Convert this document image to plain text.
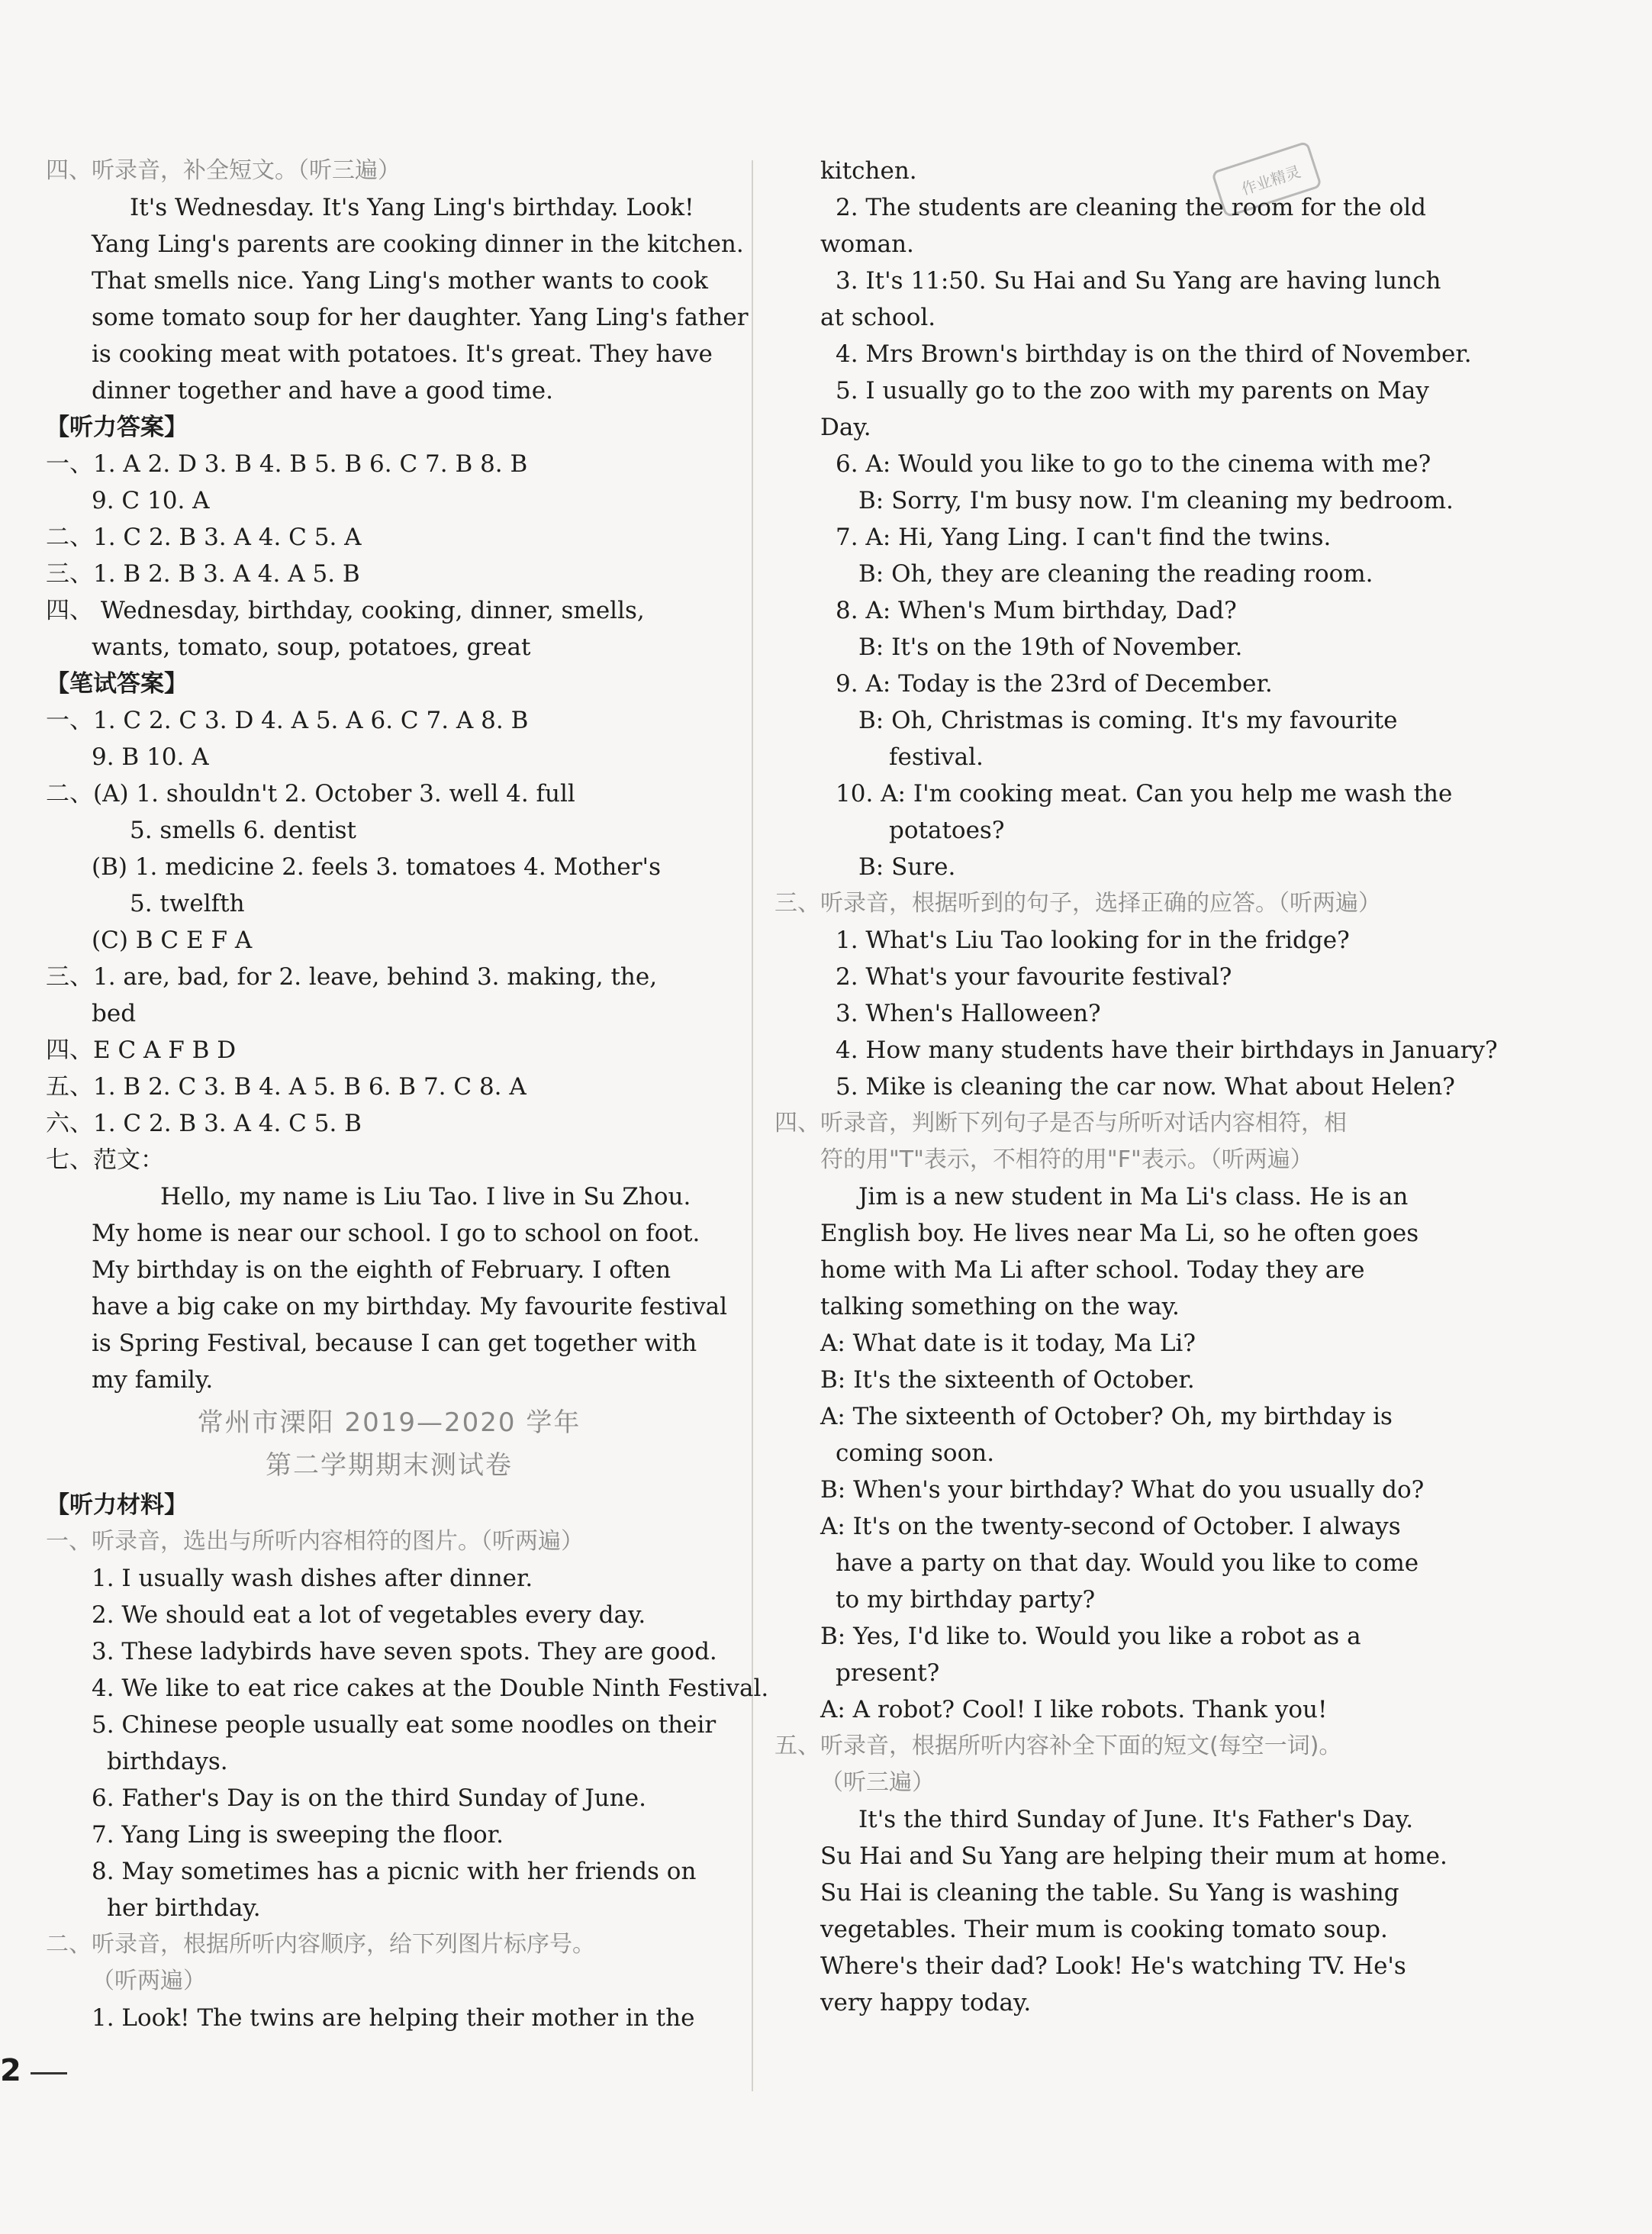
作业精灵
四、听录音，补全短文。（听三遍）
It's Wednesday. It's Yang Ling's birthday. Look!
Yang Ling's parents are cooking dinner in the kitchen.
That smells nice. Yang Ling's mother wants to cook
some tomato soup for her daughter. Yang Ling's father
is cooking meat with potatoes. It's great. They have
dinner together and have a good time.
【听力答案】
一、1. A 2. D 3. B 4. B 5. B 6. C 7. B 8. B
9. C 10. A
二、1. C 2. B 3. A 4. C 5. A
三、1. B 2. B 3. A 4. A 5. B
四、 Wednesday, birthday, cooking, dinner, smells,
wants, tomato, soup, potatoes, great
【笔试答案】
一、1. C 2. C 3. D 4. A 5. A 6. C 7. A 8. B
9. B 10. A
二、(A) 1. shouldn't 2. October 3. well 4. full
5. smells 6. dentist
(B) 1. medicine 2. feels 3. tomatoes 4. Mother's
5. twelfth
(C) B C E F A
三、1. are, bad, for 2. leave, behind 3. making, the,
bed
四、E C A F B D
五、1. B 2. C 3. B 4. A 5. B 6. B 7. C 8. A
六、1. C 2. B 3. A 4. C 5. B
七、范文：
Hello, my name is Liu Tao. I live in Su Zhou.
My home is near our school. I go to school on foot.
My birthday is on the eighth of February. I often
have a big cake on my birthday. My favourite festival
is Spring Festival, because I can get together with
my family.
常州市溧阳 2019—2020 学年
第二学期期末测试卷
【听力材料】
一、听录音，选出与所听内容相符的图片。（听两遍）
1. I usually wash dishes after dinner.
2. We should eat a lot of vegetables every day.
3. These ladybirds have seven spots. They are good.
4. We like to eat rice cakes at the Double Ninth Festival.
5. Chinese people usually eat some noodles on their
birthdays.
6. Father's Day is on the third Sunday of June.
7. Yang Ling is sweeping the floor.
8. May sometimes has a picnic with her friends on
her birthday.
二、听录音，根据所听内容顺序，给下列图片标序号。
（听两遍）
1. Look! The twins are helping their mother in the
kitchen.
2. The students are cleaning the room for the old
woman.
3. It's 11:50. Su Hai and Su Yang are having lunch
at school.
4. Mrs Brown's birthday is on the third of November.
5. I usually go to the zoo with my parents on May
Day.
6. A: Would you like to go to the cinema with me?
B: Sorry, I'm busy now. I'm cleaning my bedroom.
7. A: Hi, Yang Ling. I can't find the twins.
B: Oh, they are cleaning the reading room.
8. A: When's Mum birthday, Dad?
B: It's on the 19th of November.
9. A: Today is the 23rd of December.
B: Oh, Christmas is coming. It's my favourite
festival.
10. A: I'm cooking meat. Can you help me wash the
potatoes?
B: Sure.
三、听录音，根据听到的句子，选择正确的应答。（听两遍）
1. What's Liu Tao looking for in the fridge?
2. What's your favourite festival?
3. When's Halloween?
4. How many students have their birthdays in January?
5. Mike is cleaning the car now. What about Helen?
四、听录音，判断下列句子是否与所听对话内容相符，相
符的用"T"表示，不相符的用"F"表示。（听两遍）
Jim is a new student in Ma Li's class. He is an
English boy. He lives near Ma Li, so he often goes
home with Ma Li after school. Today they are
talking something on the way.
A: What date is it today, Ma Li?
B: It's the sixteenth of October.
A: The sixteenth of October? Oh, my birthday is
coming soon.
B: When's your birthday? What do you usually do?
A: It's on the twenty-second of October. I always
have a party on that day. Would you like to come
to my birthday party?
B: Yes, I'd like to. Would you like a robot as a
present?
A: A robot? Cool! I like robots. Thank you!
五、听录音，根据所听内容补全下面的短文(每空一词)。
（听三遍）
It's the third Sunday of June. It's Father's Day.
Su Hai and Su Yang are helping their mum at home.
Su Hai is cleaning the table. Su Yang is washing
vegetables. Their mum is cooking tomato soup.
Where's their dad? Look! He's watching TV. He's
very happy today.
2
